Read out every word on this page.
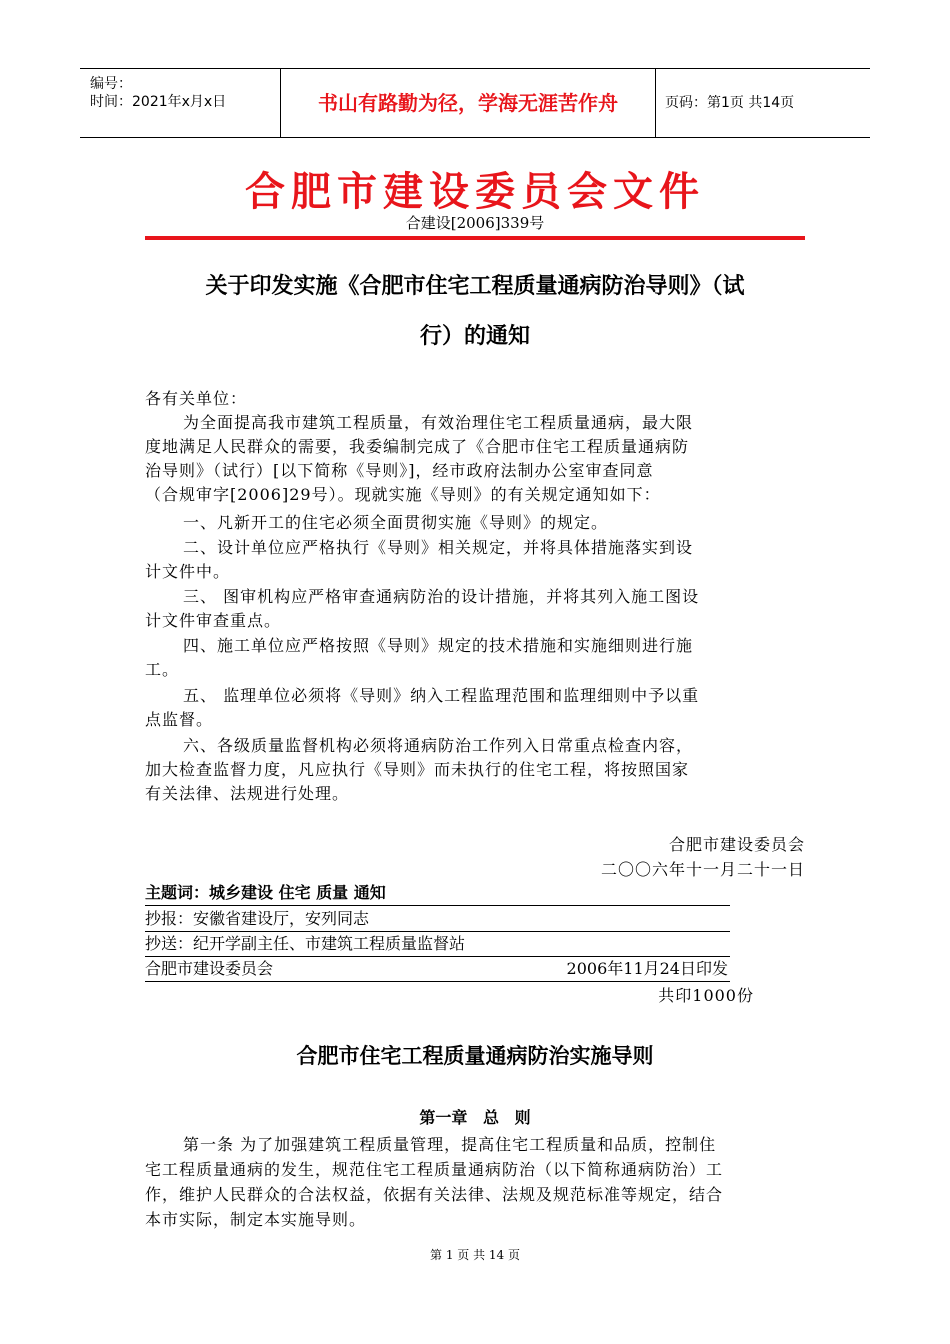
编号：
时间：2021年x月x日	书山有路勤为径，学海无涯苦作舟	页码：第1页 共14页
合肥市建设委员会文件
合建设[2006]339号
关于印发实施《合肥市住宅工程质量通病防治导则》（试
行）的通知
各有关单位：
为全面提高我市建筑工程质量，有效治理住宅工程质量通病，最大限
度地满足人民群众的需要，我委编制完成了《合肥市住宅工程质量通病防
治导则》（试行）[以下简称《导则》]，经市政府法制办公室审查同意
（合规审字[2006]29号）。现就实施《导则》的有关规定通知如下：
一、凡新开工的住宅必须全面贯彻实施《导则》的规定。
二、设计单位应严格执行《导则》相关规定，并将具体措施落实到设
计文件中。
三、 图审机构应严格审查通病防治的设计措施，并将其列入施工图设
计文件审查重点。
四、施工单位应严格按照《导则》规定的技术措施和实施细则进行施
工。
五、 监理单位必须将《导则》纳入工程监理范围和监理细则中予以重
点监督。
六、各级质量监督机构必须将通病防治工作列入日常重点检查内容，
加大检查监督力度，凡应执行《导则》而未执行的住宅工程，将按照国家
有关法律、法规进行处理。
合肥市建设委员会
二〇〇六年十一月二十一日
主题词：城乡建设 住宅 质量 通知
抄报：安徽省建设厅，安列同志
抄送：纪开学副主任、市建筑工程质量监督站
合肥市建设委员会	2006年11月24日印发
共印1000份
合肥市住宅工程质量通病防治实施导则
第一章 总 则
第一条 为了加强建筑工程质量管理，提高住宅工程质量和品质，控制住
宅工程质量通病的发生，规范住宅工程质量通病防治（以下简称通病防治）工
作，维护人民群众的合法权益，依据有关法律、法规及规范标准等规定，结合
本市实际，制定本实施导则。
第 1 页 共 14 页
